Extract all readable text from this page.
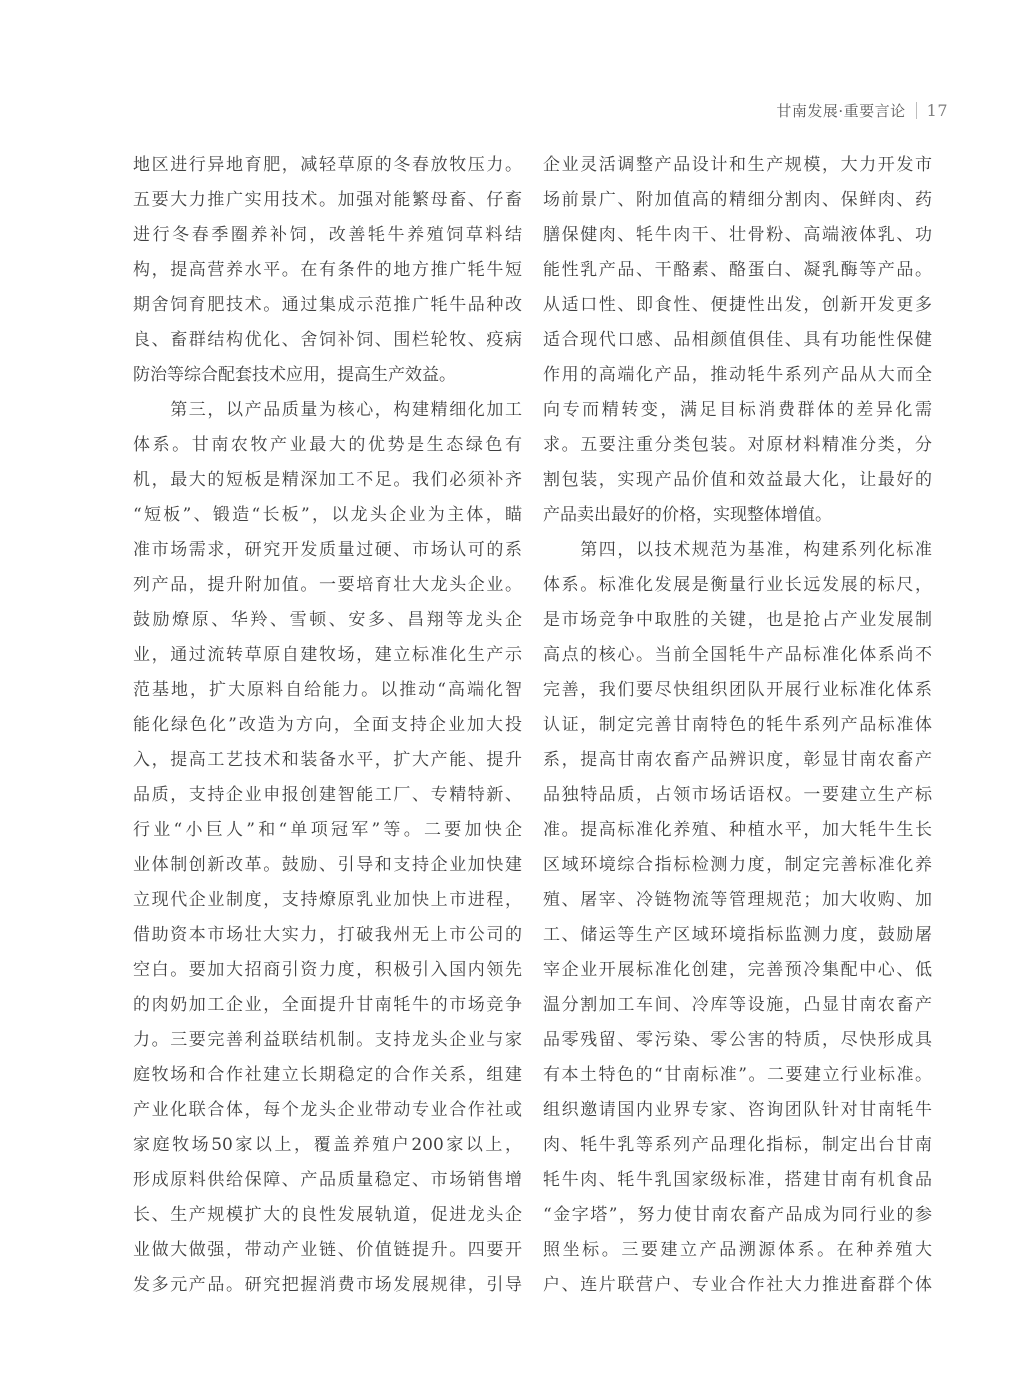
甘南发展·重要言论 17
地区进行异地育肥，减轻草原的冬春放牧压力。
五要大力推广实用技术。加强对能繁母畜、仔畜
进行冬春季圈养补饲，改善牦牛养殖饲草料结
构，提高营养水平。在有条件的地方推广牦牛短
期舍饲育肥技术。通过集成示范推广牦牛品种改
良、畜群结构优化、舍饲补饲、围栏轮牧、疫病
防治等综合配套技术应用，提高生产效益。
　　第三，以产品质量为核心，构建精细化加工
体系。甘南农牧产业最大的优势是生态绿色有
机，最大的短板是精深加工不足。我们必须补齐
“短板”、锻造“长板”，以龙头企业为主体，瞄
准市场需求，研究开发质量过硬、市场认可的系
列产品，提升附加值。一要培育壮大龙头企业。
鼓励燎原、华羚、雪顿、安多、昌翔等龙头企
业，通过流转草原自建牧场，建立标准化生产示
范基地，扩大原料自给能力。以推动“高端化智
能化绿色化”改造为方向，全面支持企业加大投
入，提高工艺技术和装备水平，扩大产能、提升
品质，支持企业申报创建智能工厂、专精特新、
行业“小巨人”和“单项冠军”等。二要加快企
业体制创新改革。鼓励、引导和支持企业加快建
立现代企业制度，支持燎原乳业加快上市进程，
借助资本市场壮大实力，打破我州无上市公司的
空白。要加大招商引资力度，积极引入国内领先
的肉奶加工企业，全面提升甘南牦牛的市场竞争
力。三要完善利益联结机制。支持龙头企业与家
庭牧场和合作社建立长期稳定的合作关系，组建
产业化联合体，每个龙头企业带动专业合作社或
家庭牧场50家以上，覆盖养殖户200家以上，
形成原料供给保障、产品质量稳定、市场销售增
长、生产规模扩大的良性发展轨道，促进龙头企
业做大做强，带动产业链、价值链提升。四要开
发多元产品。研究把握消费市场发展规律，引导
企业灵活调整产品设计和生产规模，大力开发市
场前景广、附加值高的精细分割肉、保鲜肉、药
膳保健肉、牦牛肉干、壮骨粉、高端液体乳、功
能性乳产品、干酪素、酪蛋白、凝乳酶等产品。
从适口性、即食性、便捷性出发，创新开发更多
适合现代口感、品相颜值俱佳、具有功能性保健
作用的高端化产品，推动牦牛系列产品从大而全
向专而精转变，满足目标消费群体的差异化需
求。五要注重分类包装。对原材料精准分类，分
割包装，实现产品价值和效益最大化，让最好的
产品卖出最好的价格，实现整体增值。
　　第四，以技术规范为基准，构建系列化标准
体系。标准化发展是衡量行业长远发展的标尺，
是市场竞争中取胜的关键，也是抢占产业发展制
高点的核心。当前全国牦牛产品标准化体系尚不
完善，我们要尽快组织团队开展行业标准化体系
认证，制定完善甘南特色的牦牛系列产品标准体
系，提高甘南农畜产品辨识度，彰显甘南农畜产
品独特品质，占领市场话语权。一要建立生产标
准。提高标准化养殖、种植水平，加大牦牛生长
区域环境综合指标检测力度，制定完善标准化养
殖、屠宰、冷链物流等管理规范；加大收购、加
工、储运等生产区域环境指标监测力度，鼓励屠
宰企业开展标准化创建，完善预冷集配中心、低
温分割加工车间、冷库等设施，凸显甘南农畜产
品零残留、零污染、零公害的特质，尽快形成具
有本土特色的“甘南标准”。二要建立行业标准。
组织邀请国内业界专家、咨询团队针对甘南牦牛
肉、牦牛乳等系列产品理化指标，制定出台甘南
牦牛肉、牦牛乳国家级标准，搭建甘南有机食品
“金字塔”，努力使甘南农畜产品成为同行业的参
照坐标。三要建立产品溯源体系。在种养殖大
户、连片联营户、专业合作社大力推进畜群个体
